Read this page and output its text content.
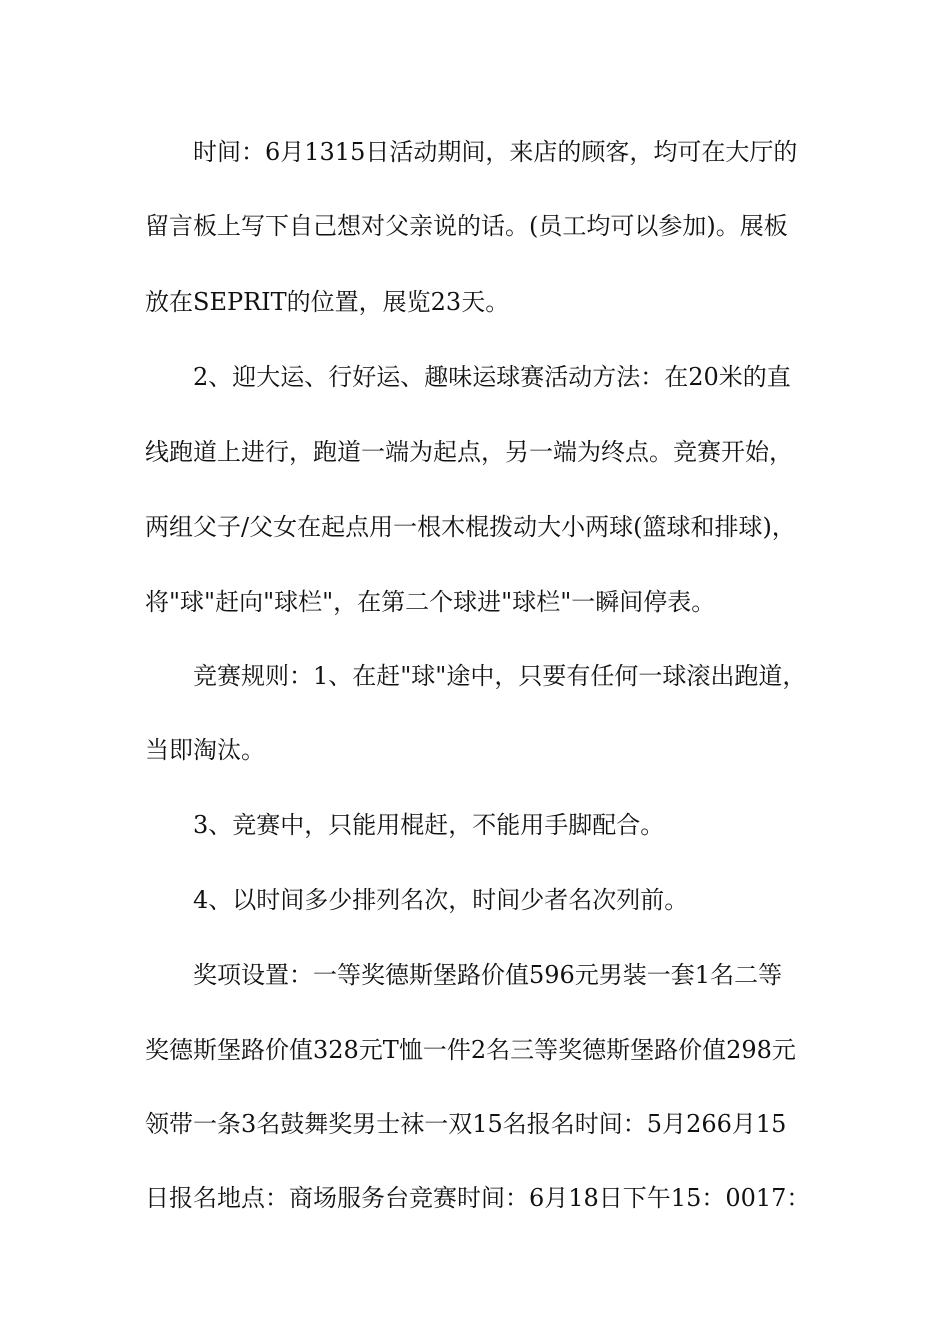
时间：6月1315日活动期间，来店的顾客，均可在大厅的
留言板上写下自己想对父亲说的话。(员工均可以参加)。展板
放在SEPRIT的位置，展览23天。
2、迎大运、行好运、趣味运球赛活动方法：在20米的直
线跑道上进行，跑道一端为起点，另一端为终点。竞赛开始，
两组父子/父女在起点用一根木棍拨动大小两球(篮球和排球)，
将"球"赶向"球栏"，在第二个球进"球栏"一瞬间停表。
竞赛规则：1、在赶"球"途中，只要有任何一球滚出跑道，
当即淘汰。
3、竞赛中，只能用棍赶，不能用手脚配合。
4、以时间多少排列名次，时间少者名次列前。
奖项设置：一等奖德斯堡路价值596元男装一套1名二等
奖德斯堡路价值328元T恤一件2名三等奖德斯堡路价值298元
领带一条3名鼓舞奖男士袜一双15名报名时间：5月266月15
日报名地点：商场服务台竞赛时间：6月18日下午15：0017：
